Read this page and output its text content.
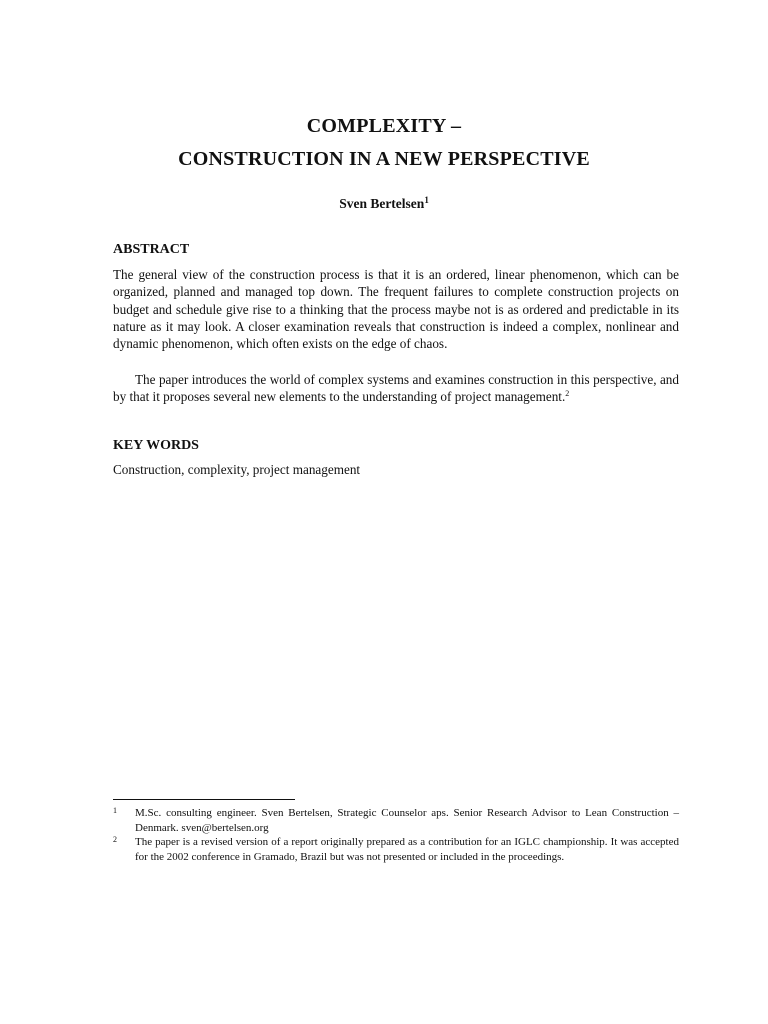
COMPLEXITY –
CONSTRUCTION IN A NEW PERSPECTIVE
Sven Bertelsen$^1$
ABSTRACT

The general view of the construction process is that it is an ordered, linear phenomenon, which can be organized, planned and managed top down. The frequent failures to complete construction projects on budget and schedule give rise to a thinking that the process maybe not is as ordered and predictable in its nature as it may look. A closer examination reveals that construction is indeed a complex, nonlinear and dynamic phenomenon, which often exists on the edge of chaos.

The paper introduces the world of complex systems and examines construction in this perspective, and by that it proposes several new elements to the understanding of project management.$^2$

KEY WORDS

Construction, complexity, project management

1 M.Sc. consulting engineer. Sven Bertelsen, Strategic Counselor aps. Senior Research Advisor to Lean Construction – Denmark. sven@bertelsen.org
2 The paper is a revised version of a report originally prepared as a contribution for an IGLC championship. It was accepted for the 2002 conference in Gramado, Brazil but was not presented or included in the proceedings.
